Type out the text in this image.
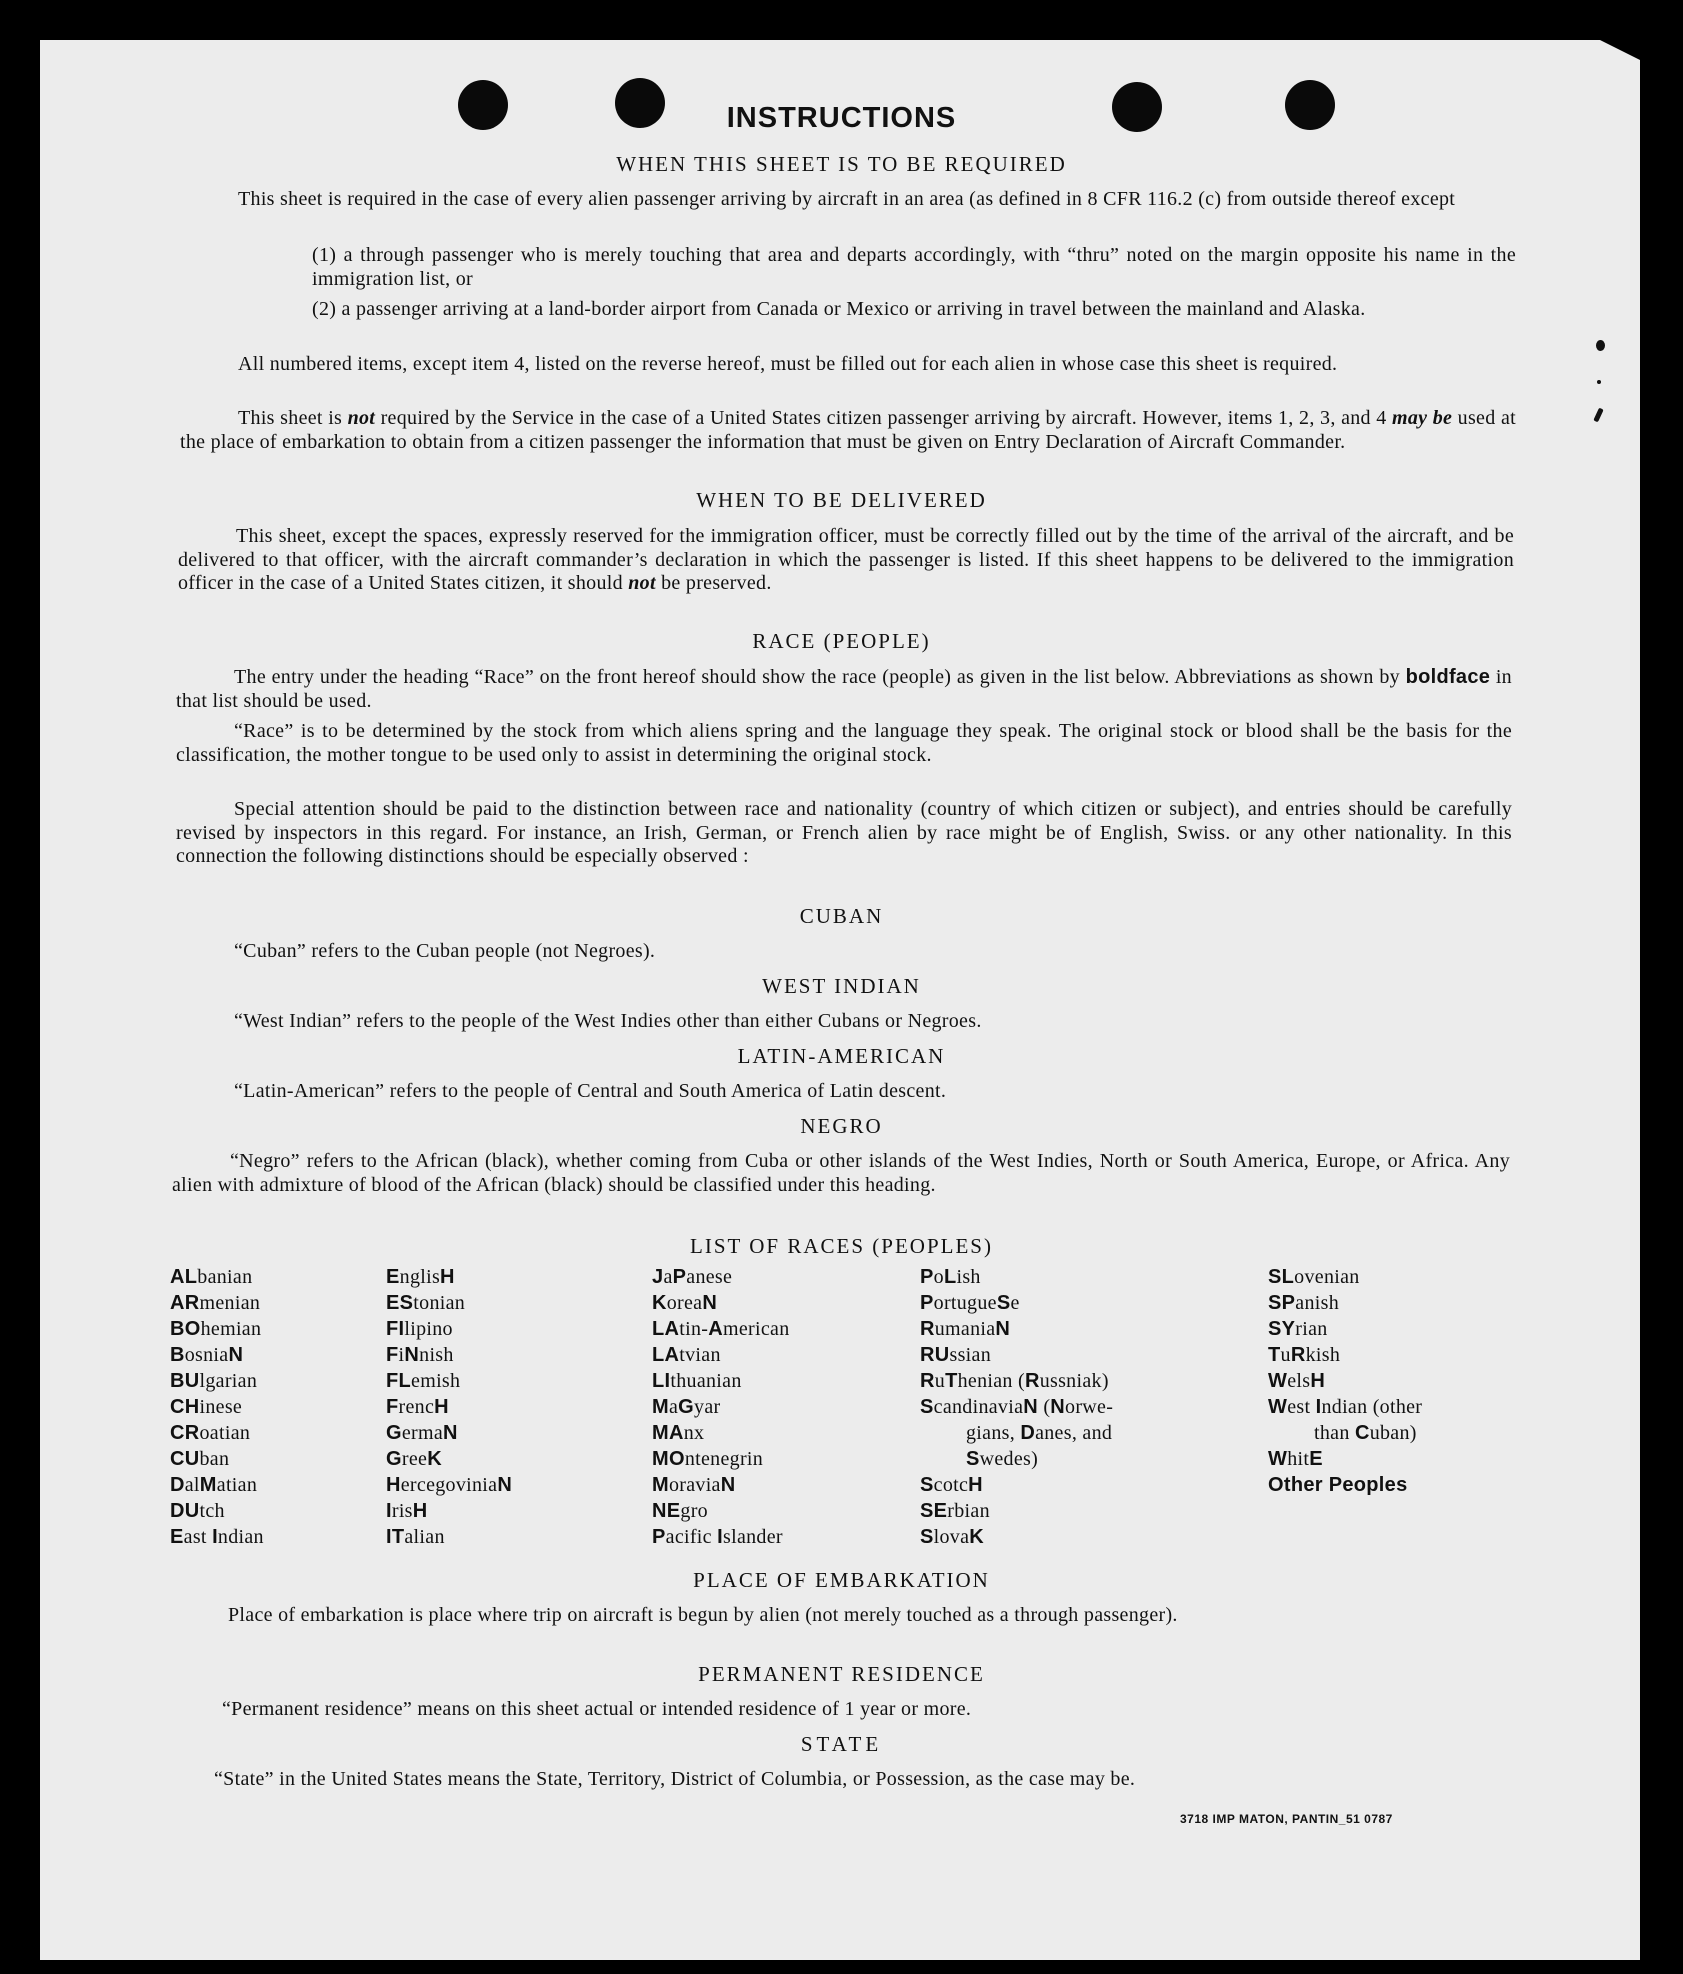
INSTRUCTIONS
WHEN THIS SHEET IS TO BE REQUIRED
This sheet is required in the case of every alien passenger arriving by aircraft in an area (as defined in 8 CFR 116.2 (c) from outside thereof except
(1) a through passenger who is merely touching that area and departs accordingly, with “thru” noted on the margin opposite his name in the immigration list, or
(2) a passenger arriving at a land-border airport from Canada or Mexico or arriving in travel between the mainland and Alaska.
All numbered items, except item 4, listed on the reverse hereof, must be filled out for each alien in whose case this sheet is required.
This sheet is not required by the Service in the case of a United States citizen passenger arriving by aircraft. However, items 1, 2, 3, and 4 may be used at the place of embarkation to obtain from a citizen passenger the information that must be given on Entry Declaration of Aircraft Commander.
WHEN TO BE DELIVERED
This sheet, except the spaces, expressly reserved for the immigration officer, must be correctly filled out by the time of the arrival of the aircraft, and be delivered to that officer, with the aircraft commander’s declaration in which the passenger is listed. If this sheet happens to be delivered to the immigration officer in the case of a United States citizen, it should not be preserved.
RACE (PEOPLE)
The entry under the heading “Race” on the front hereof should show the race (people) as given in the list below. Abbreviations as shown by boldface in that list should be used.
“Race” is to be determined by the stock from which aliens spring and the language they speak. The original stock or blood shall be the basis for the classification, the mother tongue to be used only to assist in determining the original stock.
Special attention should be paid to the distinction between race and nationality (country of which citizen or subject), and entries should be carefully revised by inspectors in this regard. For instance, an Irish, German, or French alien by race might be of English, Swiss. or any other nationality. In this connection the following distinctions should be especially observed :
CUBAN
“Cuban” refers to the Cuban people (not Negroes).
WEST INDIAN
“West Indian” refers to the people of the West Indies other than either Cubans or Negroes.
LATIN-AMERICAN
“Latin-American” refers to the people of Central and South America of Latin descent.
NEGRO
“Negro” refers to the African (black), whether coming from Cuba or other islands of the West Indies, North or South America, Europe, or Africa. Any alien with admixture of blood of the African (black) should be classified under this heading.
LIST OF RACES (PEOPLES)
ALbanian
ARmenian
BOhemian
BosniaN
BUlgarian
CHinese
CRoatian
CUban
DalMatian
DUtch
East Indian
EnglisH
EStonian
FIlipino
FiNnish
FLemish
FrencH
GermaN
GreeK
HercegoviniaN
IrisH
ITalian
JaPanese
KoreaN
LAtin-American
LAtvian
LIthuanian
MaGyar
MAnx
MOntenegrin
MoraviaN
NEgro
Pacific Islander
PoLish
PortugueSe
RumaniaN
RUssian
RuThenian (Russniak)
ScandinaviaN (Norwe-
gians, Danes, and
Swedes)
ScotcH
SErbian
SlovaK
SLovenian
SPanish
SYrian
TuRkish
WelsH
West Indian (other
than Cuban)
WhitE
Other Peoples
PLACE OF EMBARKATION
Place of embarkation is place where trip on aircraft is begun by alien (not merely touched as a through passenger).
PERMANENT RESIDENCE
“Permanent residence” means on this sheet actual or intended residence of 1 year or more.
STATE
“State” in the United States means the State, Territory, District of Columbia, or Possession, as the case may be.
3718 IMP MATON, PANTIN_51 0787
